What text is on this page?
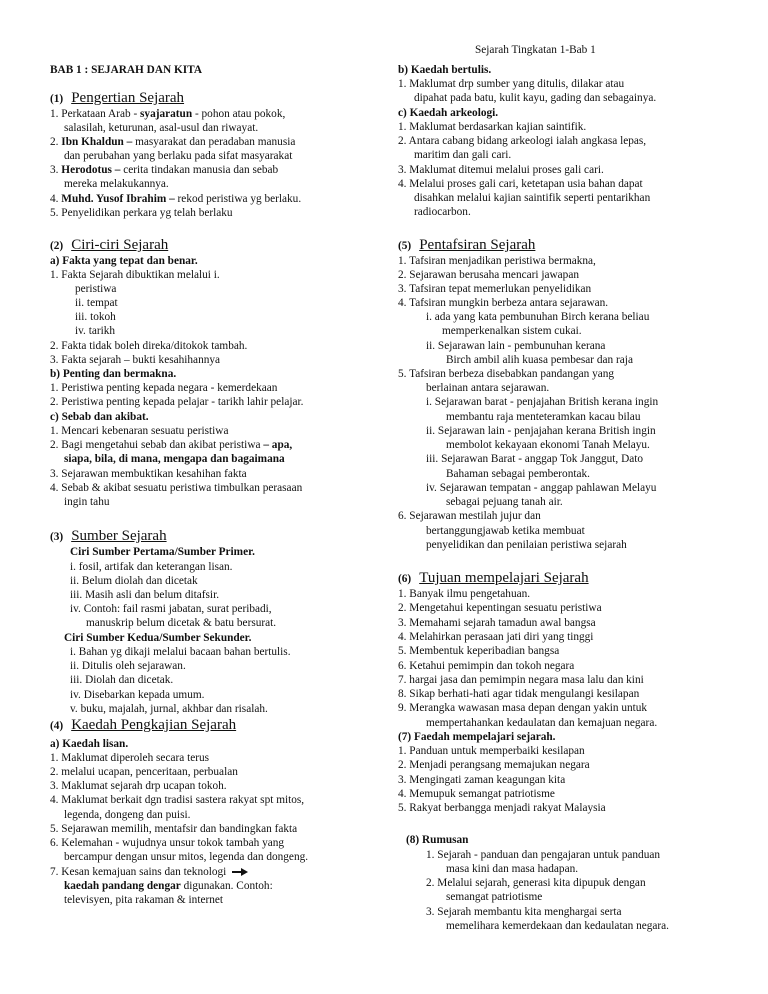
Sejarah Tingkatan 1-Bab 1
BAB 1 : SEJARAH DAN KITA
(1) Pengertian Sejarah
1. Perkataan Arab - syajaratun - pohon atau pokok,
salasilah, keturunan, asal-usul dan riwayat.
2. Ibn Khaldun – masyarakat dan peradaban manusia
dan perubahan yang berlaku pada sifat masyarakat
3. Herodotus – cerita tindakan manusia dan sebab
mereka melakukannya.
4. Muhd. Yusof Ibrahim – rekod peristiwa yg berlaku.
5. Penyelidikan perkara yg telah berlaku
(2) Ciri-ciri Sejarah
a) Fakta yang tepat dan benar.
1. Fakta Sejarah dibuktikan melalui i.
peristiwa
ii. tempat
iii. tokoh
iv. tarikh
2. Fakta tidak boleh direka/ditokok tambah.
3. Fakta sejarah – bukti kesahihannya
b) Penting dan bermakna.
1. Peristiwa penting kepada negara - kemerdekaan
2. Peristiwa penting kepada pelajar - tarikh lahir pelajar.
c) Sebab dan akibat.
1. Mencari kebenaran sesuatu peristiwa
2. Bagi mengetahui sebab dan akibat peristiwa – apa,
siapa, bila, di mana, mengapa dan bagaimana
3. Sejarawan membuktikan kesahihan fakta
4. Sebab & akibat sesuatu peristiwa timbulkan perasaan
ingin tahu
(3) Sumber Sejarah
Ciri Sumber Pertama/Sumber Primer.
i. fosil, artifak dan keterangan lisan.
ii. Belum diolah dan dicetak
iii. Masih asli dan belum ditafsir.
iv. Contoh: fail rasmi jabatan, surat peribadi,
manuskrip belum dicetak & batu bersurat.
Ciri Sumber Kedua/Sumber Sekunder.
i. Bahan yg dikaji melalui bacaan bahan bertulis.
ii. Ditulis oleh sejarawan.
iii. Diolah dan dicetak.
iv. Disebarkan kepada umum.
v. buku, majalah, jurnal, akhbar dan risalah.
(4) Kaedah Pengkajian Sejarah
a) Kaedah lisan.
1. Maklumat diperoleh secara terus
2. melalui ucapan, penceritaan, perbualan
3. Maklumat sejarah drp ucapan tokoh.
4. Maklumat berkait dgn tradisi sastera rakyat spt mitos,
legenda, dongeng dan puisi.
5. Sejarawan memilih, mentafsir dan bandingkan fakta
6. Kelemahan - wujudnya unsur tokok tambah yang
bercampur dengan unsur mitos, legenda dan dongeng.
7. Kesan kemajuan sains dan teknologi
kaedah pandang dengar digunakan. Contoh:
televisyen, pita rakaman & internet
b) Kaedah bertulis.
1. Maklumat drp sumber yang ditulis, dilakar atau
dipahat pada batu, kulit kayu, gading dan sebagainya.
c) Kaedah arkeologi.
1. Maklumat berdasarkan kajian saintifik.
2. Antara cabang bidang arkeologi ialah angkasa lepas,
maritim dan gali cari.
3. Maklumat ditemui melalui proses gali cari.
4. Melalui proses gali cari, ketetapan usia bahan dapat
disahkan melalui kajian saintifik seperti pentarikhan
radiocarbon.
(5) Pentafsiran Sejarah
1. Tafsiran menjadikan peristiwa bermakna,
2. Sejarawan berusaha mencari jawapan
3. Tafsiran tepat memerlukan penyelidikan
4. Tafsiran mungkin berbeza antara sejarawan.
i. ada yang kata pembunuhan Birch kerana beliau
memperkenalkan sistem cukai.
ii. Sejarawan lain - pembunuhan kerana
Birch ambil alih kuasa pembesar dan raja
5. Tafsiran berbeza disebabkan pandangan yang
berlainan antara sejarawan.
i. Sejarawan barat - penjajahan British kerana ingin
membantu raja menteteramkan kacau bilau
ii. Sejarawan lain - penjajahan kerana British ingin
membolot kekayaan ekonomi Tanah Melayu.
iii. Sejarawan Barat - anggap Tok Janggut, Dato
Bahaman sebagai pemberontak.
iv. Sejarawan tempatan - anggap pahlawan Melayu
sebagai pejuang tanah air.
6. Sejarawan mestilah jujur dan
bertanggungjawab ketika membuat
penyelidikan dan penilaian peristiwa sejarah
(6) Tujuan mempelajari Sejarah
1. Banyak ilmu pengetahuan.
2. Mengetahui kepentingan sesuatu peristiwa
3. Memahami sejarah tamadun awal bangsa
4. Melahirkan perasaan jati diri yang tinggi
5. Membentuk keperibadian bangsa
6. Ketahui pemimpin dan tokoh negara
7. hargai jasa dan pemimpin negara masa lalu dan kini
8. Sikap berhati-hati agar tidak mengulangi kesilapan
9. Merangka wawasan masa depan dengan yakin untuk
mempertahankan kedaulatan dan kemajuan negara.
(7) Faedah mempelajari sejarah.
1. Panduan untuk memperbaiki kesilapan
2. Menjadi perangsang memajukan negara
3. Mengingati zaman keagungan kita
4. Memupuk semangat patriotisme
5. Rakyat berbangga menjadi rakyat Malaysia
(8) Rumusan
1. Sejarah - panduan dan pengajaran untuk panduan
masa kini dan masa hadapan.
2. Melalui sejarah, generasi kita dipupuk dengan
semangat patriotisme
3. Sejarah membantu kita menghargai serta
memelihara kemerdekaan dan kedaulatan negara.
